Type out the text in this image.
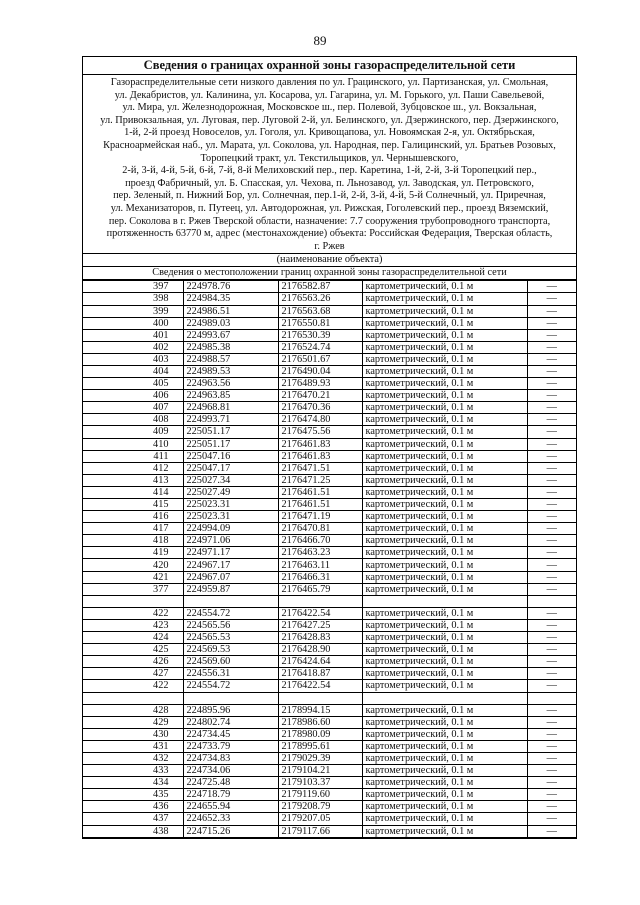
89
Сведения о границах охранной зоны газораспределительной сети
Газораспределительные сети низкого давления по ул. Грацинского, ул. Партизанская, ул. Смольная,
ул. Декабристов, ул. Калинина, ул. Косарова, ул. Гагарина, ул. М. Горького, ул. Паши Савельевой,
ул. Мира, ул. Железнодорожная, Московское ш., пер. Полевой, Зубцовское ш., ул. Вокзальная,
ул. Привокзальная, ул. Луговая, пер. Луговой 2-й, ул. Белинского, ул. Дзержинского, пер. Дзержинского,
1-й, 2-й проезд Новоселов, ул. Гоголя, ул. Кривощапова, ул. Новоямская 2-я, ул. Октябрьская,
Красноармейская наб., ул. Марата, ул. Соколова, ул. Народная, пер. Галицинский, ул. Братьев Розовых,
Торопецкий тракт, ул. Текстильщиков, ул. Чернышевского,
2-й, 3-й, 4-й, 5-й, 6-й, 7-й, 8-й Мелиховский пер., пер. Каретина, 1-й, 2-й, 3-й Торопецкий пер.,
проезд Фабричный, ул. Б. Спасская, ул. Чехова, п. Льнозавод, ул. Заводская, ул. Петровского,
пер. Зеленый, п. Нижний Бор, ул. Солнечная, пер.1-й, 2-й, 3-й, 4-й, 5-й Солнечный, ул. Приречная,
ул. Механизаторов, п. Путеец, ул. Автодорожная, ул. Рижская, Гоголевский пер., проезд Вяземский,
пер. Соколова в г. Ржев Тверской области, назначение: 7.7 сооружения трубопроводного транспорта,
протяженность 63770 м, адрес (местонахождение) объекта: Российская Федерация, Тверская область,
г. Ржев
(наименование объекта)
Сведения о местоположении границ охранной зоны газораспределительной сети
397	224978.76	2176582.87	картометрический, 0.1 м	—
398	224984.35	2176563.26	картометрический, 0.1 м	—
399	224986.51	2176563.68	картометрический, 0.1 м	—
400	224989.03	2176550.81	картометрический, 0.1 м	—
401	224993.67	2176530.39	картометрический, 0.1 м	—
402	224985.38	2176524.74	картометрический, 0.1 м	—
403	224988.57	2176501.67	картометрический, 0.1 м	—
404	224989.53	2176490.04	картометрический, 0.1 м	—
405	224963.56	2176489.93	картометрический, 0.1 м	—
406	224963.85	2176470.21	картометрический, 0.1 м	—
407	224968.81	2176470.36	картометрический, 0.1 м	—
408	224993.71	2176474.80	картометрический, 0.1 м	—
409	225051.17	2176475.56	картометрический, 0.1 м	—
410	225051.17	2176461.83	картометрический, 0.1 м	—
411	225047.16	2176461.83	картометрический, 0.1 м	—
412	225047.17	2176471.51	картометрический, 0.1 м	—
413	225027.34	2176471.25	картометрический, 0.1 м	—
414	225027.49	2176461.51	картометрический, 0.1 м	—
415	225023.31	2176461.51	картометрический, 0.1 м	—
416	225023.31	2176471.19	картометрический, 0.1 м	—
417	224994.09	2176470.81	картометрический, 0.1 м	—
418	224971.06	2176466.70	картометрический, 0.1 м	—
419	224971.17	2176463.23	картометрический, 0.1 м	—
420	224967.17	2176463.11	картометрический, 0.1 м	—
421	224967.07	2176466.31	картометрический, 0.1 м	—
377	224959.87	2176465.79	картометрический, 0.1 м	—

422	224554.72	2176422.54	картометрический, 0.1 м	—
423	224565.56	2176427.25	картометрический, 0.1 м	—
424	224565.53	2176428.83	картометрический, 0.1 м	—
425	224569.53	2176428.90	картометрический, 0.1 м	—
426	224569.60	2176424.64	картометрический, 0.1 м	—
427	224556.31	2176418.87	картометрический, 0.1 м	—
422	224554.72	2176422.54	картометрический, 0.1 м	—

428	224895.96	2178994.15	картометрический, 0.1 м	—
429	224802.74	2178986.60	картометрический, 0.1 м	—
430	224734.45	2178980.09	картометрический, 0.1 м	—
431	224733.79	2178995.61	картометрический, 0.1 м	—
432	224734.83	2179029.39	картометрический, 0.1 м	—
433	224734.06	2179104.21	картометрический, 0.1 м	—
434	224725.48	2179103.37	картометрический, 0.1 м	—
435	224718.79	2179119.60	картометрический, 0.1 м	—
436	224655.94	2179208.79	картометрический, 0.1 м	—
437	224652.33	2179207.05	картометрический, 0.1 м	—
438	224715.26	2179117.66	картометрический, 0.1 м	—
